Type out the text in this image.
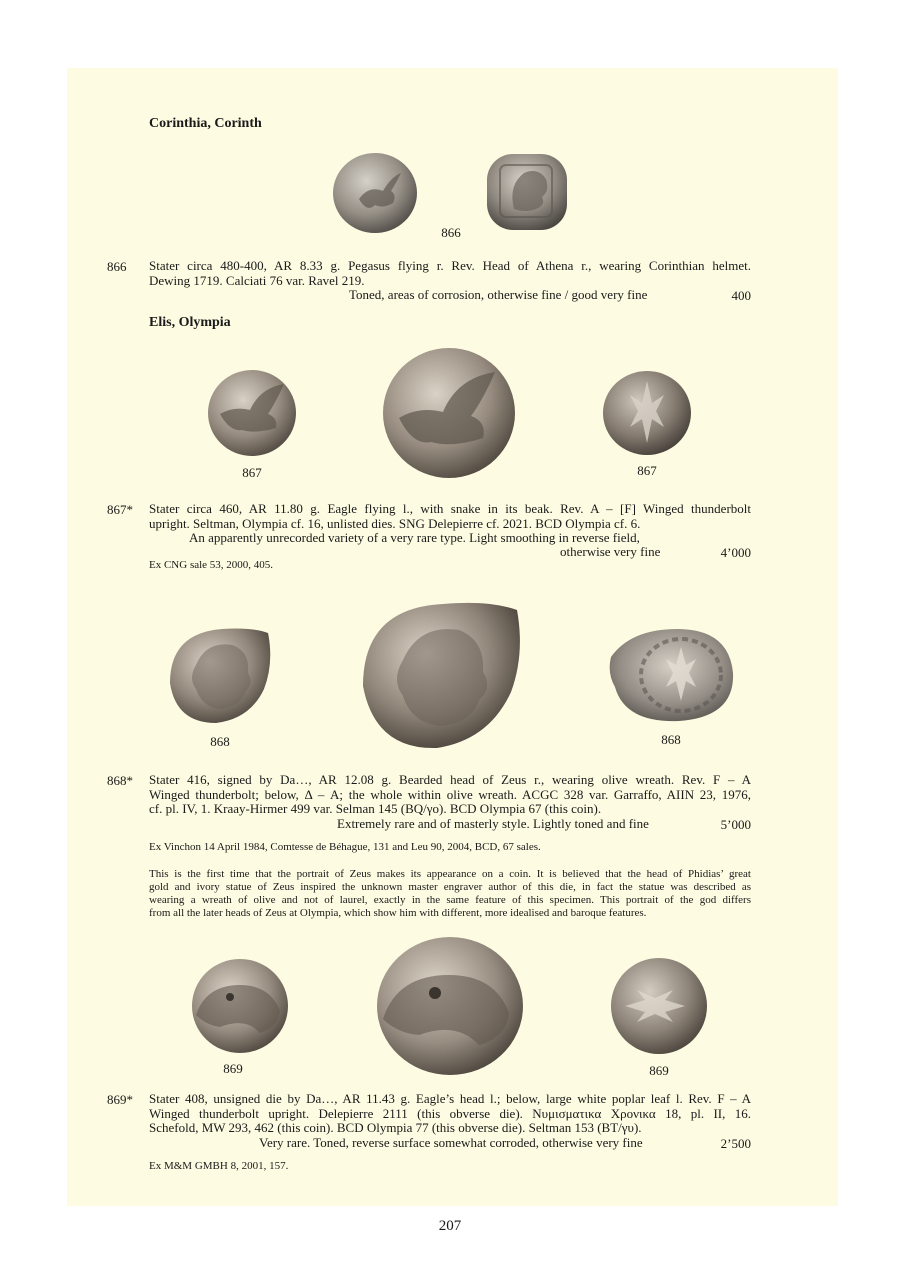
Corinthia, Corinth
866
866 Stater circa 480-400, AR 8.33 g. Pegasus flying r. Rev. Head of Athena r., wearing Corinthian helmet.
Dewing 1719. Calciati 76 var. Ravel 219.
Toned, areas of corrosion, otherwise fine / good very fine	400
Elis, Olympia
867	867
867* Stater circa 460, AR 11.80 g. Eagle flying l., with snake in its beak. Rev. A – [F] Winged thunderbolt
upright. Seltman, Olympia cf. 16, unlisted dies. SNG Delepierre cf. 2021. BCD Olympia cf. 6.
An apparently unrecorded variety of a very rare type. Light smoothing in reverse field,
otherwise very fine	4’000
Ex CNG sale 53, 2000, 405.
868	868
868* Stater 416, signed by Da…, AR 12.08 g. Bearded head of Zeus r., wearing olive wreath. Rev. F – A
Winged thunderbolt; below, Δ – A; the whole within olive wreath. ACGC 328 var. Garraffo, AIIN 23, 1976,
cf. pl. IV, 1. Kraay-Hirmer 499 var. Selman 145 (BQ/γο). BCD Olympia 67 (this coin).
Extremely rare and of masterly style. Lightly toned and fine	5’000
Ex Vinchon 14 April 1984, Comtesse de Béhague, 131 and Leu 90, 2004, BCD, 67 sales.
This is the first time that the portrait of Zeus makes its appearance on a coin. It is believed that the head of Phidias’ great
gold and ivory statue of Zeus inspired the unknown master engraver author of this die, in fact the statue was described as
wearing a wreath of olive and not of laurel, exactly in the same feature of this specimen. This portrait of the god differs
from all the later heads of Zeus at Olympia, which show him with different, more idealised and baroque features.
869	869
869* Stater 408, unsigned die by Da…, AR 11.43 g. Eagle’s head l.; below, large white poplar leaf l. Rev. F – A
Winged thunderbolt upright. Delepierre 2111 (this obverse die). Νυμισματικα Χρονικα 18, pl. II, 16.
Schefold, MW 293, 462 (this coin). BCD Olympia 77 (this obverse die). Seltman 153 (BT/γυ).
Very rare. Toned, reverse surface somewhat corroded, otherwise very fine	2’500
Ex M&M GMBH 8, 2001, 157.
207
